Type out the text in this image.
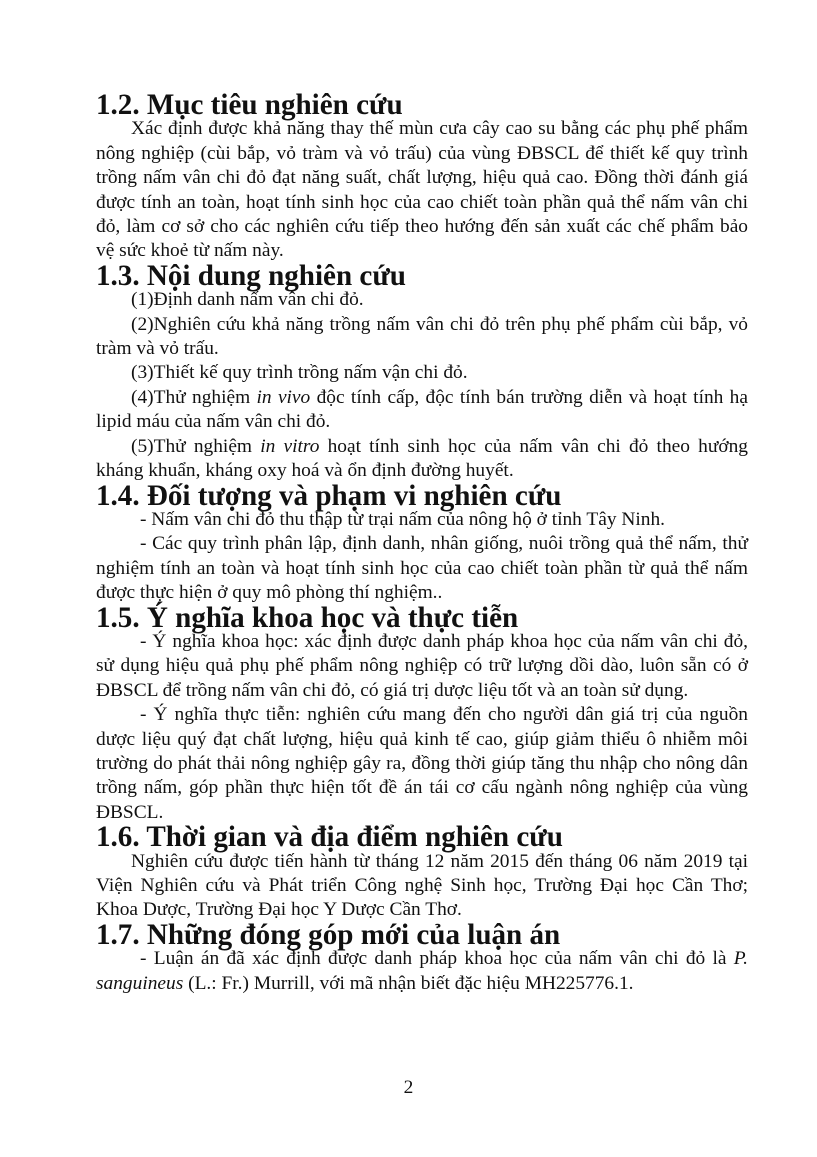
1.2. Mục tiêu nghiên cứu

Xác định được khả năng thay thế mùn cưa cây cao su bằng các phụ phế phẩm nông nghiệp (cùi bắp, vỏ tràm và vỏ trấu) của vùng ĐBSCL để thiết kế quy trình trồng nấm vân chi đỏ đạt năng suất, chất lượng, hiệu quả cao. Đồng thời đánh giá được tính an toàn, hoạt tính sinh học của cao chiết toàn phần quả thể nấm vân chi đỏ, làm cơ sở cho các nghiên cứu tiếp theo hướng đến sản xuất các chế phẩm bảo vệ sức khoẻ từ nấm này.

1.3. Nội dung nghiên cứu

(1)Định danh nấm vân chi đỏ.

(2)Nghiên cứu khả năng trồng nấm vân chi đỏ trên phụ phế phẩm cùi bắp, vỏ tràm và vỏ trấu.

(3)Thiết kế quy trình trồng nấm vận chi đỏ.

(4)Thử nghiệm in vivo độc tính cấp, độc tính bán trường diễn và hoạt tính hạ lipid máu của nấm vân chi đỏ.

(5)Thử nghiệm in vitro hoạt tính sinh học của nấm vân chi đỏ theo hướng kháng khuẩn, kháng oxy hoá và ổn định đường huyết.

1.4. Đối tượng và phạm vi nghiên cứu

- Nấm vân chi đỏ thu thập từ trại nấm của nông hộ ở tỉnh Tây Ninh.

- Các quy trình phân lập, định danh, nhân giống, nuôi trồng quả thể nấm, thử nghiệm tính an toàn và hoạt tính sinh học của cao chiết toàn phần từ quả thể nấm được thực hiện ở quy mô phòng thí nghiệm..

1.5. Ý nghĩa khoa học và thực tiễn

- Ý nghĩa khoa học: xác định được danh pháp khoa học của nấm vân chi đỏ, sử dụng hiệu quả phụ phế phẩm nông nghiệp có trữ lượng dồi dào, luôn sẵn có ở ĐBSCL để trồng nấm vân chi đỏ, có giá trị dược liệu tốt và an toàn sử dụng.

- Ý nghĩa thực tiễn: nghiên cứu mang đến cho người dân giá trị của nguồn dược liệu quý đạt chất lượng, hiệu quả kinh tế cao, giúp giảm thiểu ô nhiễm môi trường do phát thải nông nghiệp gây ra, đồng thời giúp tăng thu nhập cho nông dân trồng nấm, góp phần thực hiện tốt đề án tái cơ cấu ngành nông nghiệp của vùng ĐBSCL.

1.6. Thời gian và địa điểm nghiên cứu

Nghiên cứu được tiến hành từ tháng 12 năm 2015 đến tháng 06 năm 2019 tại Viện Nghiên cứu và Phát triển Công nghệ Sinh học, Trường Đại học Cần Thơ; Khoa Dược, Trường Đại học Y Dược Cần Thơ.

1.7. Những đóng góp mới của luận án

- Luận án đã xác định được danh pháp khoa học của nấm vân chi đỏ là P. sanguineus (L.: Fr.) Murrill, với mã nhận biết đặc hiệu MH225776.1.

2
